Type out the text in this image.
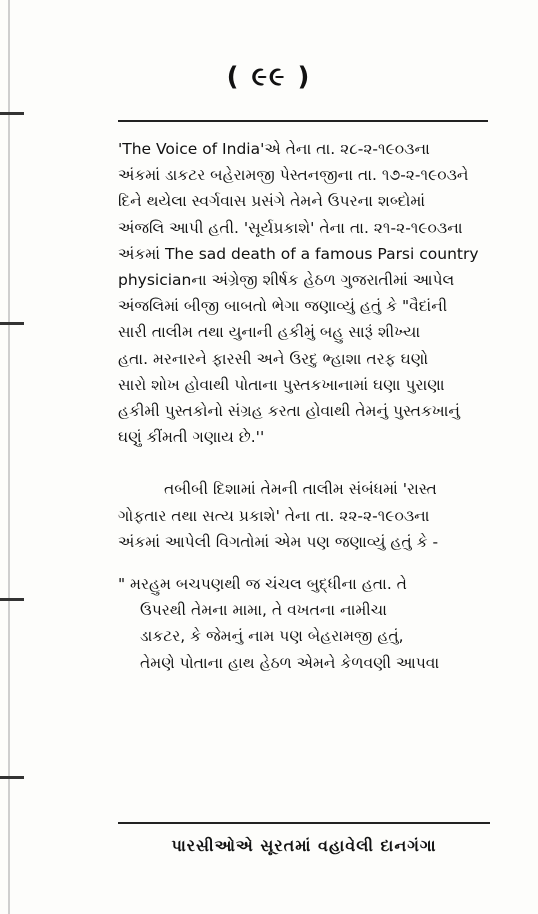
( ૯૯ )
'The Voice of India'એ તેના તા. ૨૮-૨-૧૯૦૩ના
અંકમાં ડાકટર બહેરામજી પેસ્તનજીના તા. ૧૭-૨-૧૯૦૩ને
દિને થયેલા સ્વર્ગવાસ પ્રસંગે તેમને ઉપરના શબ્દોમાં
અંજલિ આપી હતી. 'સૂર્યપ્રકાશે' તેના તા. ૨૧-૨-૧૯૦૩ના
અંકમાં The sad death of a famous Parsi country
physicianના અંગ્રેજી શીર્ષક હેઠળ ગુજરાતીમાં આપેલ
અંજલિમાં બીજી બાબતો ભેગા જણાવ્યું હતું કે "વૈદાંની
સારી તાલીમ તથા યુનાની હકીમું બહુ સારૂં શીખ્યા
હતા. મરનારને ફારસી અને ઉરદુ ભ્હાશા તરફ ઘણો
સારો શોખ હોવાથી પોતાના પુસ્તકખાનામાં ઘણા પુરાણા
હકીમી પુસ્તકોનો સંગ્રહ કરતા હોવાથી તેમનું પુસ્તકખાનું
ઘણું કીંમતી ગણાય છે.''
તબીબી દિશામાં તેમની તાલીમ સંબંધમાં 'રાસ્ત
ગોફતાર તથા સત્ય પ્રકાશે' તેના તા. ૨૨-૨-૧૯૦૩ના
અંકમાં આપેલી વિગતોમાં એમ પણ જણાવ્યું હતું કે -
" મરહુમ બચપણથી જ ચંચલ બુદ્ધીના હતા. તે
ઉપરથી તેમના મામા, તે વખતના નામીચા
ડાકટર, કે જેમનું નામ પણ બેહરામજી હતું,
તેમણે પોતાના હાથ હેઠળ એમને કેળવણી આપવા
પારસીઓએ સૂરતમાં વહાવેલી દાનગંગા
